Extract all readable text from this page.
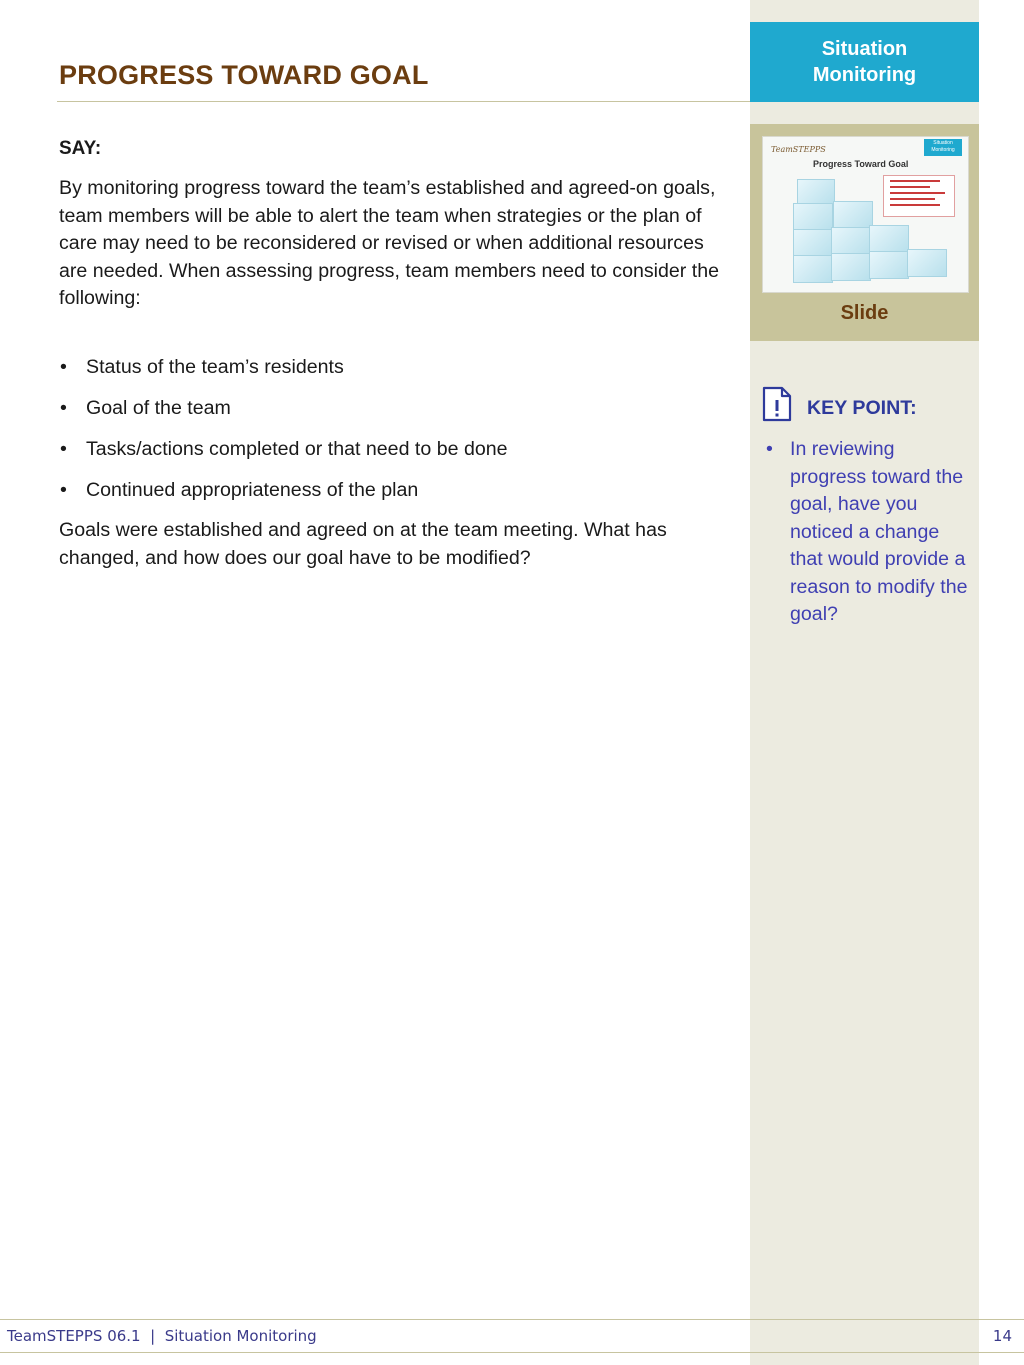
Situation Monitoring
PROGRESS TOWARD GOAL
SAY:

By monitoring progress toward the team’s established and agreed-on goals, team members will be able to alert the team when strategies or the plan of care may need to be reconsidered or revised or when additional resources are needed. When assessing progress, team members need to consider the following:

• Status of the team’s residents
• Goal of the team
• Tasks/actions completed or that need to be done
• Continued appropriateness of the plan

Goals were established and agreed on at the team meeting. What has changed, and how does our goal have to be modified?

TeamSTEPPS
Situation Monitoring
Progress Toward Goal
Slide
KEY POINT:
• In reviewing progress toward the goal, have you noticed a change that would provide a reason to modify the goal?
TeamSTEPPS 06.1  |  Situation Monitoring	14
